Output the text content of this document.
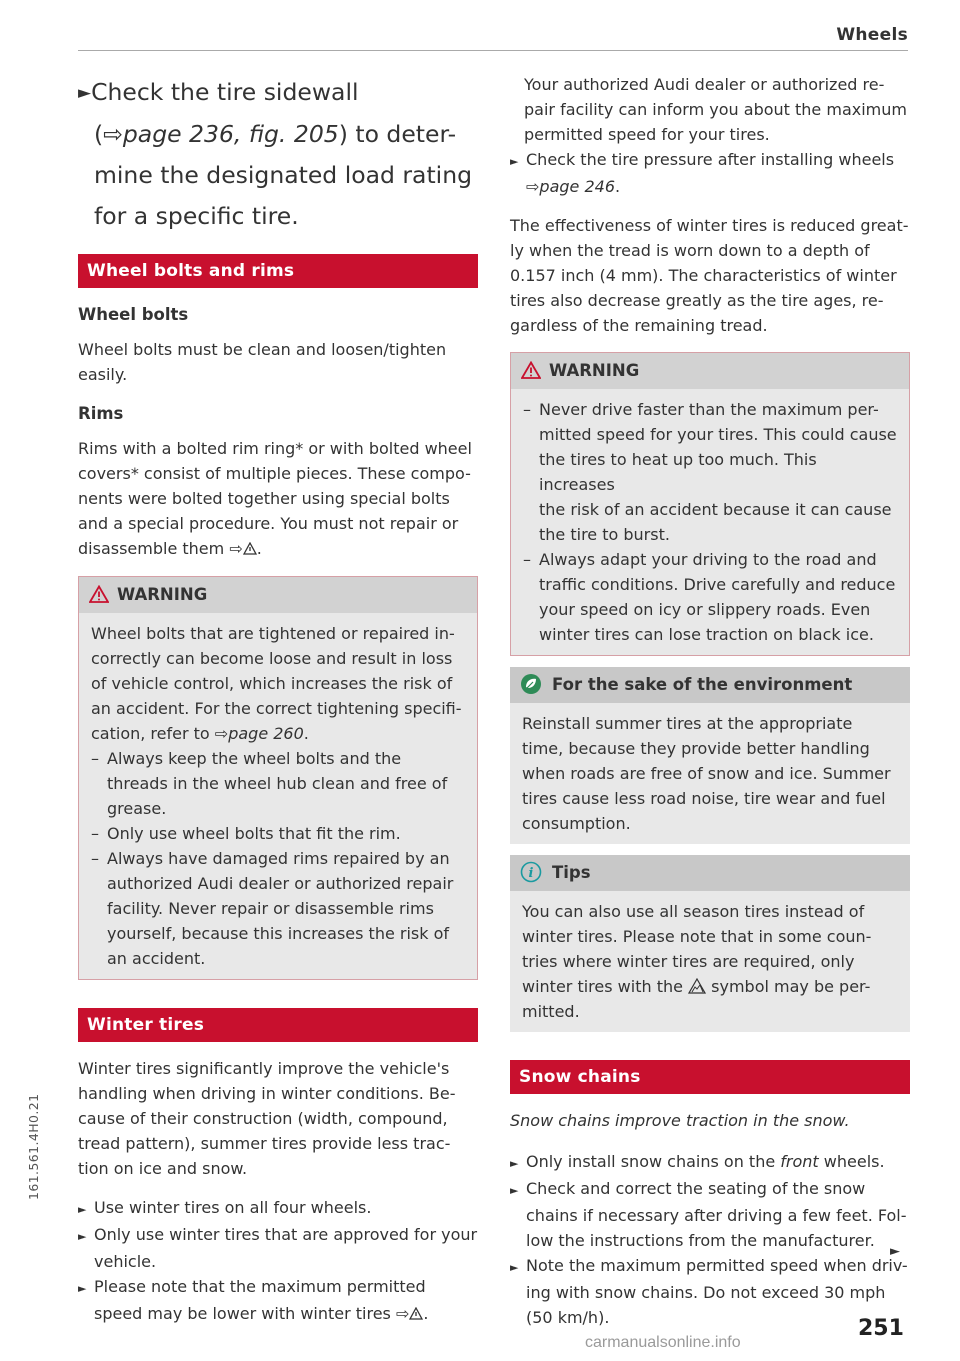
Wheels

►Check the tire sidewall

(⇨page 236, fig. 205) to deter-

mine the designated load rating

for a specific tire.

Wheel bolts and rims
Wheel bolts

Wheel bolts must be clean and loosen/tighten

easily.

Rims

Rims with a bolted rim ring* or with bolted wheel

covers* consist of multiple pieces. These compo-

nents were bolted together using special bolts

and a special procedure. You must not repair or

disassemble them ⇨ .

WARNING

Wheel bolts that are tightened or repaired in-

correctly can become loose and result in loss

of vehicle control, which increases the risk of

an accident. For the correct tightening specifi-

cation, refer to ⇨page 260.

– Always keep the wheel bolts and the

threads in the wheel hub clean and free of

grease.

– Only use wheel bolts that fit the rim.

– Always have damaged rims repaired by an

authorized Audi dealer or authorized repair

facility. Never repair or disassemble rims

yourself, because this increases the risk of

an accident.

Winter tires

Winter tires significantly improve the vehicle's

handling when driving in winter conditions. Be-

cause of their construction (width, compound,

tread pattern), summer tires provide less trac-

tion on ice and snow.

► Use winter tires on all four wheels.

► Only use winter tires that are approved for your

vehicle.

► Please note that the maximum permitted

speed may be lower with winter tires ⇨ .

Your authorized Audi dealer or authorized re-

pair facility can inform you about the maximum

permitted speed for your tires.

► Check the tire pressure after installing wheels

⇨page 246.

The effectiveness of winter tires is reduced great-

ly when the tread is worn down to a depth of

0.157 inch (4 mm). The characteristics of winter

tires also decrease greatly as the tire ages, re-

gardless of the remaining tread.

WARNING

– Never drive faster than the maximum per-

mitted speed for your tires. This could cause

the tires to heat up too much. This increases

the risk of an accident because it can cause

the tire to burst.

– Always adapt your driving to the road and

traffic conditions. Drive carefully and reduce

your speed on icy or slippery roads. Even

winter tires can lose traction on black ice.

For the sake of the environment

Reinstall summer tires at the appropriate

time, because they provide better handling

when roads are free of snow and ice. Summer

tires cause less road noise, tire wear and fuel

consumption.

i Tips

You can also use all season tires instead of

winter tires. Please note that in some coun-

tries where winter tires are required, only

winter tires with the symbol may be per-

mitted.

Snow chains

Snow chains improve traction in the snow.

► Only install snow chains on the front wheels.

► Check and correct the seating of the snow

chains if necessary after driving a few feet. Fol-

low the instructions from the manufacturer.

► Note the maximum permitted speed when driv-

ing with snow chains. Do not exceed 30 mph

(50 km/h).

►
251
161.561.4H0.21
carmanualsonline.info
